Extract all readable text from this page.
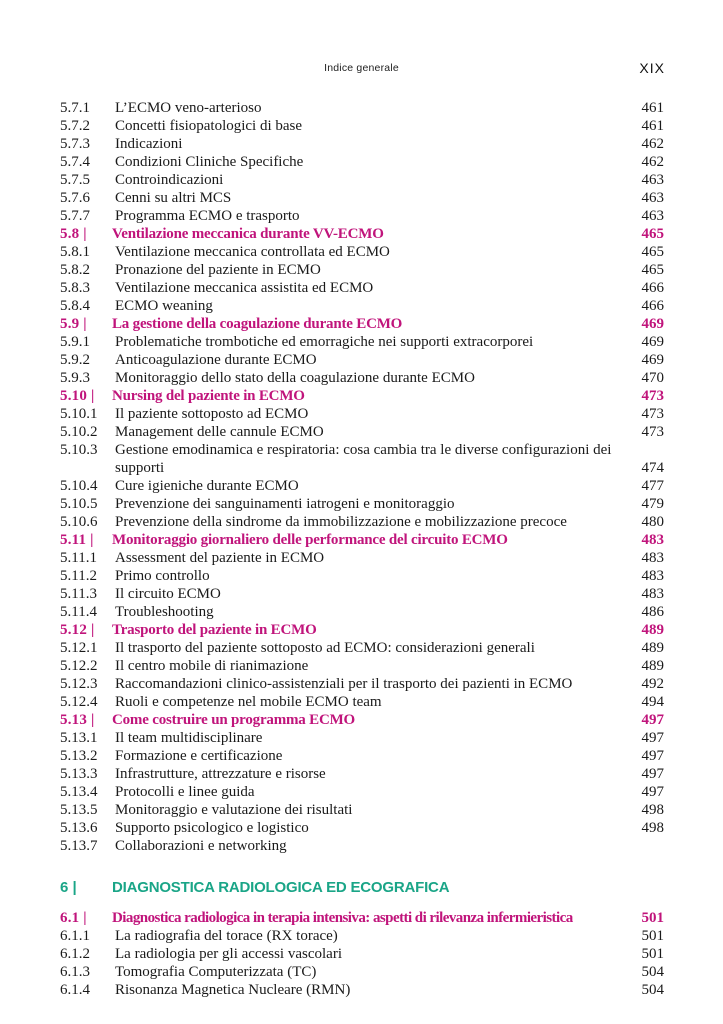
Indice generale	XIX
5.7.1 L’ECMO veno-arterioso	461
5.7.2 Concetti fisiopatologici di base	461
5.7.3 Indicazioni	462
5.7.4 Condizioni Cliniche Specifiche	462
5.7.5 Controindicazioni	463
5.7.6 Cenni su altri MCS	463
5.7.7 Programma ECMO e trasporto	463
5.8 | Ventilazione meccanica durante VV-ECMO	465
5.8.1 Ventilazione meccanica controllata ed ECMO	465
5.8.2 Pronazione del paziente in ECMO	465
5.8.3 Ventilazione meccanica assistita ed ECMO	466
5.8.4 ECMO weaning	466
5.9 | La gestione della coagulazione durante ECMO	469
5.9.1 Problematiche trombotiche ed emorragiche nei supporti extracorporei	469
5.9.2 Anticoagulazione durante ECMO	469
5.9.3 Monitoraggio dello stato della coagulazione durante ECMO	470
5.10 | Nursing del paziente in ECMO	473
5.10.1 Il paziente sottoposto ad ECMO	473
5.10.2 Management delle cannule ECMO	473
5.10.3 Gestione emodinamica e respiratoria: cosa cambia tra le diverse configurazioni dei supporti	474
5.10.4 Cure igieniche durante ECMO	477
5.10.5 Prevenzione dei sanguinamenti iatrogeni e monitoraggio	479
5.10.6 Prevenzione della sindrome da immobilizzazione e mobilizzazione precoce	480
5.11 | Monitoraggio giornaliero delle performance del circuito ECMO	483
5.11.1 Assessment del paziente in ECMO	483
5.11.2 Primo controllo	483
5.11.3 Il circuito ECMO	483
5.11.4 Troubleshooting	486
5.12 | Trasporto del paziente in ECMO	489
5.12.1 Il trasporto del paziente sottoposto ad ECMO: considerazioni generali	489
5.12.2 Il centro mobile di rianimazione	489
5.12.3 Raccomandazioni clinico-assistenziali per il trasporto dei pazienti in ECMO	492
5.12.4 Ruoli e competenze nel mobile ECMO team	494
5.13 | Come costruire un programma ECMO	497
5.13.1 Il team multidisciplinare	497
5.13.2 Formazione e certificazione	497
5.13.3 Infrastrutture, attrezzature e risorse	497
5.13.4 Protocolli e linee guida	497
5.13.5 Monitoraggio e valutazione dei risultati	498
5.13.6 Supporto psicologico e logistico	498
5.13.7 Collaborazioni e networking
6 | DIAGNOSTICA RADIOLOGICA ED ECOGRAFICA
6.1 | Diagnostica radiologica in terapia intensiva: aspetti di rilevanza infermieristica	501
6.1.1 La radiografia del torace (RX torace)	501
6.1.2 La radiologia per gli accessi vascolari	501
6.1.3 Tomografia Computerizzata (TC)	504
6.1.4 Risonanza Magnetica Nucleare (RMN)	504
